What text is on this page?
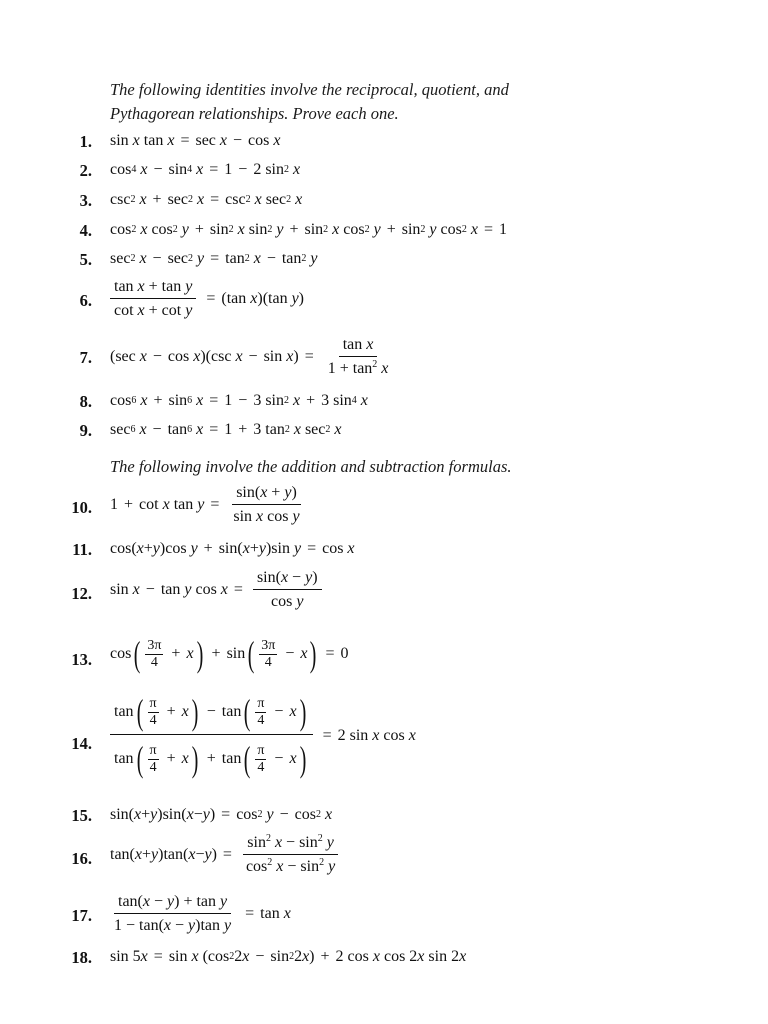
The following identities involve the reciprocal, quotient, and
Pythagorean relationships. Prove each one.
1. sin x tan x = sec x − cos x
2. cos 4 x − sin 4 x = 1 − 2 sin 2 x
3. csc 2 x + sec 2 x = csc 2 x sec 2 x
4. cos 2 x cos 2 y + sin 2 x sin 2 y + sin 2 x cos 2 y + sin 2 y cos 2 x = 1
5. sec 2 x − sec 2 y = tan 2 x − tan 2 y
6. $\frac{\text{tan x + tan y}}{\text{cot x + cot y}} = (\tan$ x )(tan y )
7. (sec x − cos x )(csc x − sin x ) = $\frac{\text{tan x}}{1 + \tan^2 x}$
8. cos 6 x + sin 6 x = 1 − 3 sin 2 x + 3 sin 4 x
9. sec 6 x − tan 6 x = 1 + 3 tan 2 x sec 2 x
The following involve the addition and subtraction formulas.
10. 1 + cot x $\tan y = \frac{\sin(x + y)}{\text{sin x cos y}}$
11. cos( x + y )cos y + sin( x + y )sin y = cos x
12. sin x − tan y $\cos x = \frac{\sin(x - y)}{\text{cos y}}$
13. cos ( 3π
4 + x ) + sin ( 3π
4 − x ) = 0
14. tan ( π
4 + x ) − tan ( π
4 − x )
tan ( π
4 + x ) + tan ( π
4 − x ) = 2 sin x cos x
15. sin( x + y )sin( x − y ) = cos 2 y − cos 2 x
16. tan( x + y )tan( x − y ) = $\frac{\sin^2 x - \sin^2 y}{\cos^2 x - \sin^2 y}$
17. $\frac{\text{tan(x − y) + tan y}}{\text{1 − tan(x − y)tan y}} = \tan x$
18. sin 5 x = sin x (cos 2 2 x − sin 2 2 x ) + 2 cos x cos 2 x sin 2 x
